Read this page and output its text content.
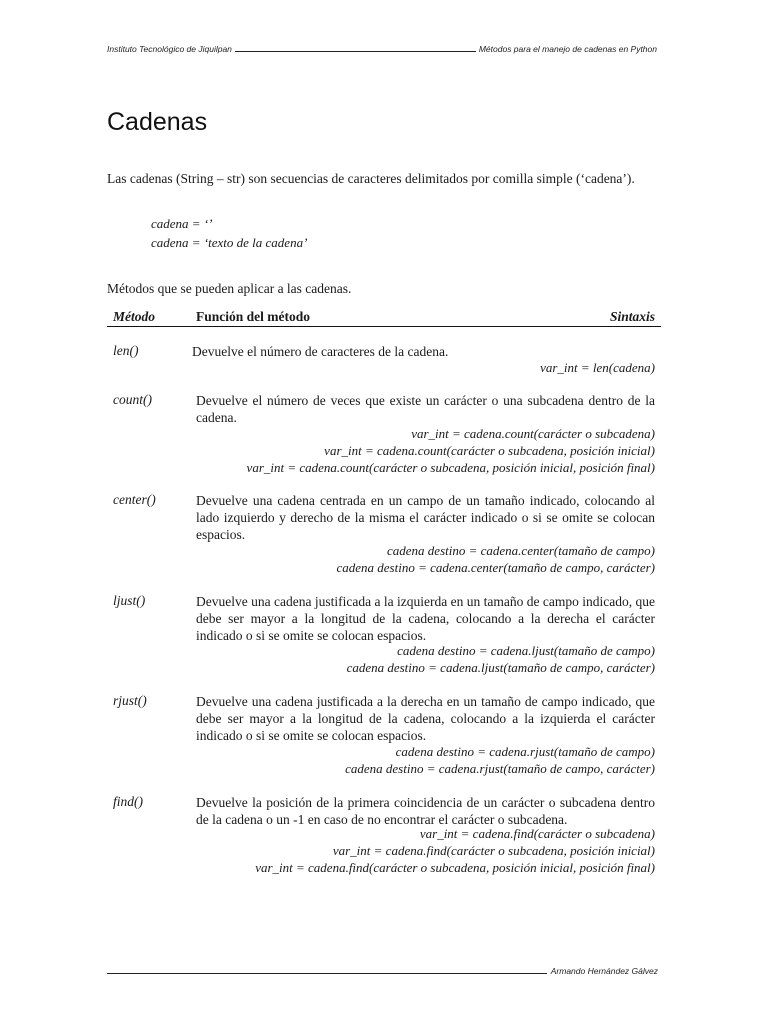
Instituto Tecnológico de Jiquilpan	Métodos para el manejo de cadenas en Python
Cadenas
Las cadenas (String – str) son secuencias de caracteres delimitados por comilla simple (‘cadena’).
cadena = ‘’
cadena = ‘texto de la cadena’
Métodos que se pueden aplicar a las cadenas.
Método	Función del método	Sintaxis
len()	Devuelve el número de caracteres de la cadena.
var_int = len(cadena)
count()	Devuelve el número de veces que existe un carácter o una subcadena dentro de la cadena.
var_int = cadena.count(carácter o subcadena)
var_int = cadena.count(carácter o subcadena, posición inicial)
var_int = cadena.count(carácter o subcadena, posición inicial, posición final)
center()	Devuelve una cadena centrada en un campo de un tamaño indicado, colocando al lado izquierdo y derecho de la misma el carácter indicado o si se omite se colocan espacios.
cadena destino = cadena.center(tamaño de campo)
cadena destino = cadena.center(tamaño de campo, carácter)
ljust()	Devuelve una cadena justificada a la izquierda en un tamaño de campo indicado, que debe ser mayor a la longitud de la cadena, colocando a la derecha el carácter indicado o si se omite se colocan espacios.
cadena destino = cadena.ljust(tamaño de campo)
cadena destino = cadena.ljust(tamaño de campo, carácter)
rjust()	Devuelve una cadena justificada a la derecha en un tamaño de campo indicado, que debe ser mayor a la longitud de la cadena, colocando a la izquierda el carácter indicado o si se omite se colocan espacios.
cadena destino = cadena.rjust(tamaño de campo)
cadena destino = cadena.rjust(tamaño de campo, carácter)
find()	Devuelve la posición de la primera coincidencia de un carácter o subcadena dentro de la cadena o un -1 en caso de no encontrar el carácter o subcadena.
var_int = cadena.find(carácter o subcadena)
var_int = cadena.find(carácter o subcadena, posición inicial)
var_int = cadena.find(carácter o subcadena, posición inicial, posición final)
Armando Hernández Gálvez
